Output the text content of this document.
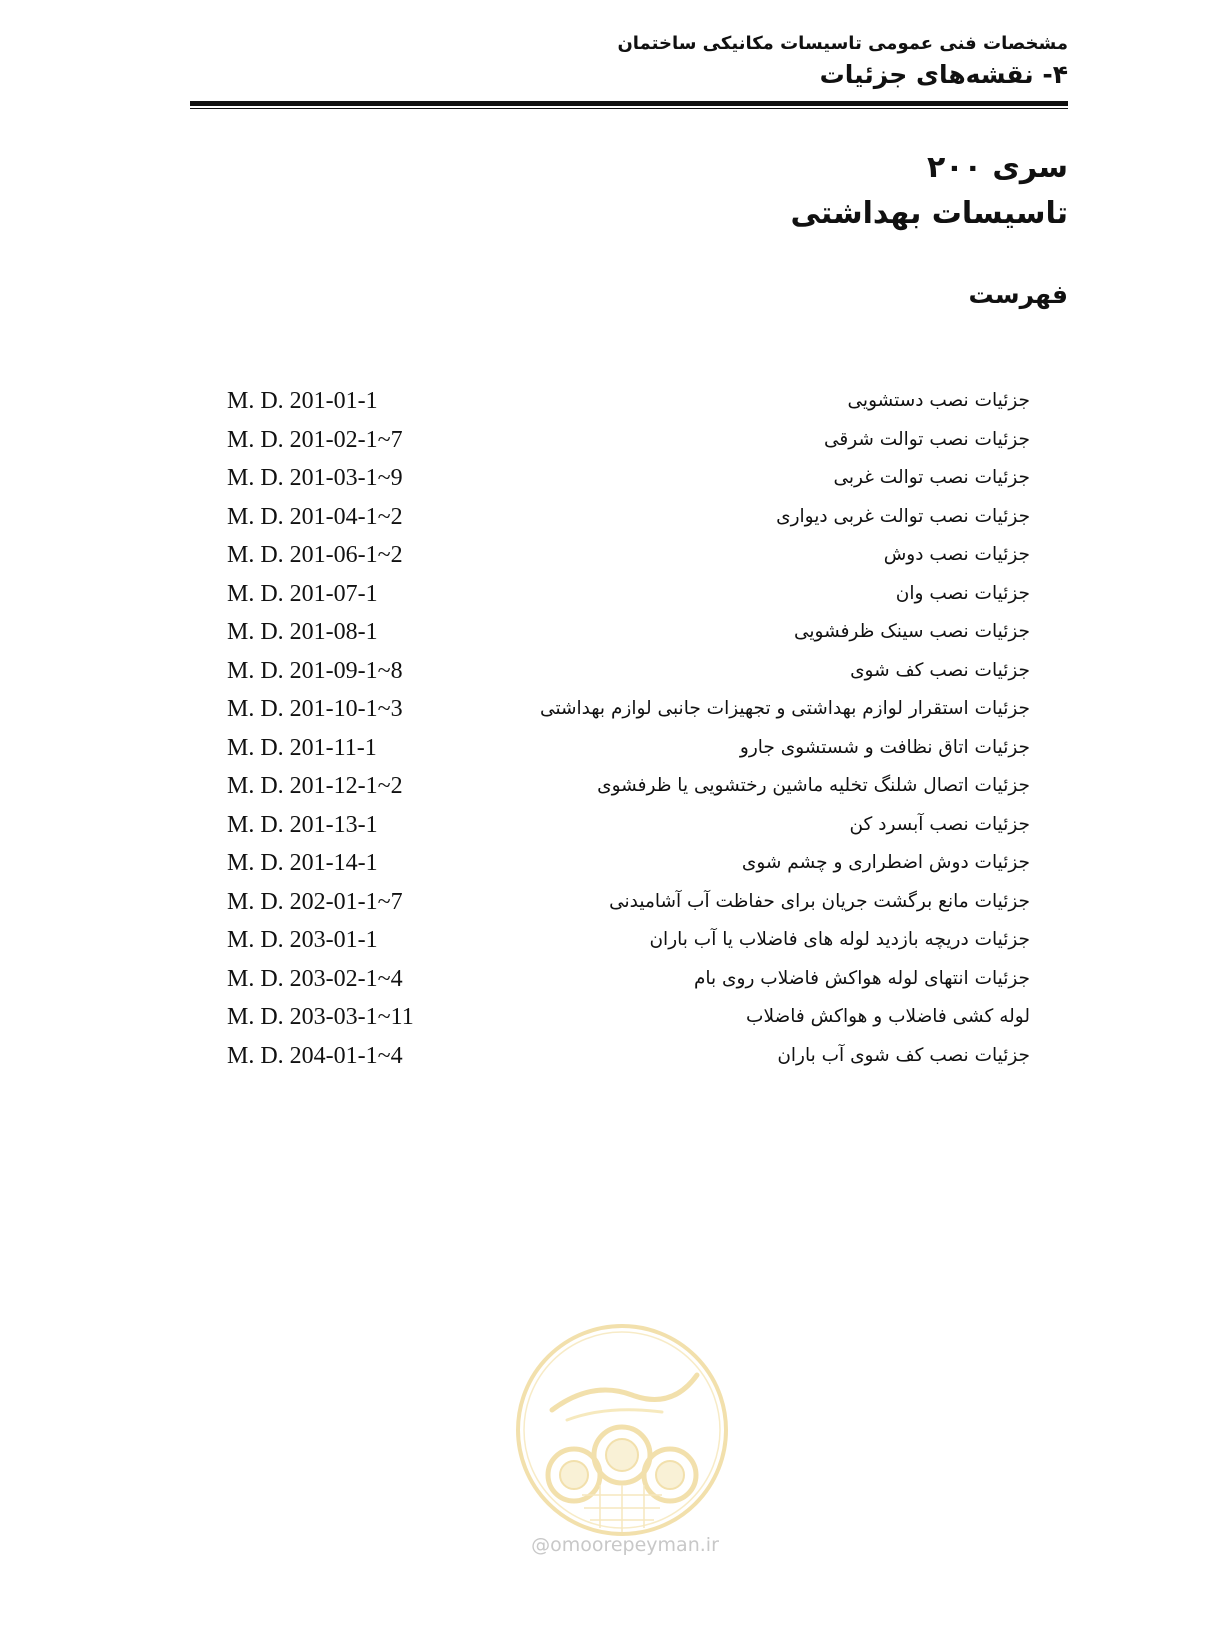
مشخصات فنی عمومی تاسیسات مکانیکی ساختمان
۴- نقشه‌های جزئیات
سری ۲۰۰
تاسیسات بهداشتی
فهرست
جزئیات نصب دستشویی
M. D. 201-01-1
جزئیات نصب توالت شرقی
M. D. 201-02-1~7
جزئیات نصب توالت غربی
M. D. 201-03-1~9
جزئیات نصب توالت غربی دیواری
M. D. 201-04-1~2
جزئیات نصب دوش
M. D. 201-06-1~2
جزئیات نصب وان
M. D. 201-07-1
جزئیات نصب سینک ظرفشویی
M. D. 201-08-1
جزئیات نصب کف شوی
M. D. 201-09-1~8
جزئیات استقرار لوازم بهداشتی و تجهیزات جانبی لوازم بهداشتی
M. D. 201-10-1~3
جزئیات اتاق نظافت و شستشوی جارو
M. D. 201-11-1
جزئیات اتصال شلنگ تخلیه ماشین رختشویی یا ظرفشوی
M. D. 201-12-1~2
جزئیات نصب آبسرد کن
M. D. 201-13-1
جزئیات دوش اضطراری و چشم شوی
M. D. 201-14-1
جزئیات مانع برگشت جریان برای حفاظت آب آشامیدنی
M. D. 202-01-1~7
جزئیات دریچه بازدید لوله های فاضلاب یا آب باران
M. D. 203-01-1
جزئیات انتهای لوله هواکش فاضلاب روی بام
M. D. 203-02-1~4
لوله کشی فاضلاب و هواکش فاضلاب
M. D. 203-03-1~11
جزئیات نصب کف شوی آب باران
M. D. 204-01-1~4
@omoorepeyman.ir
